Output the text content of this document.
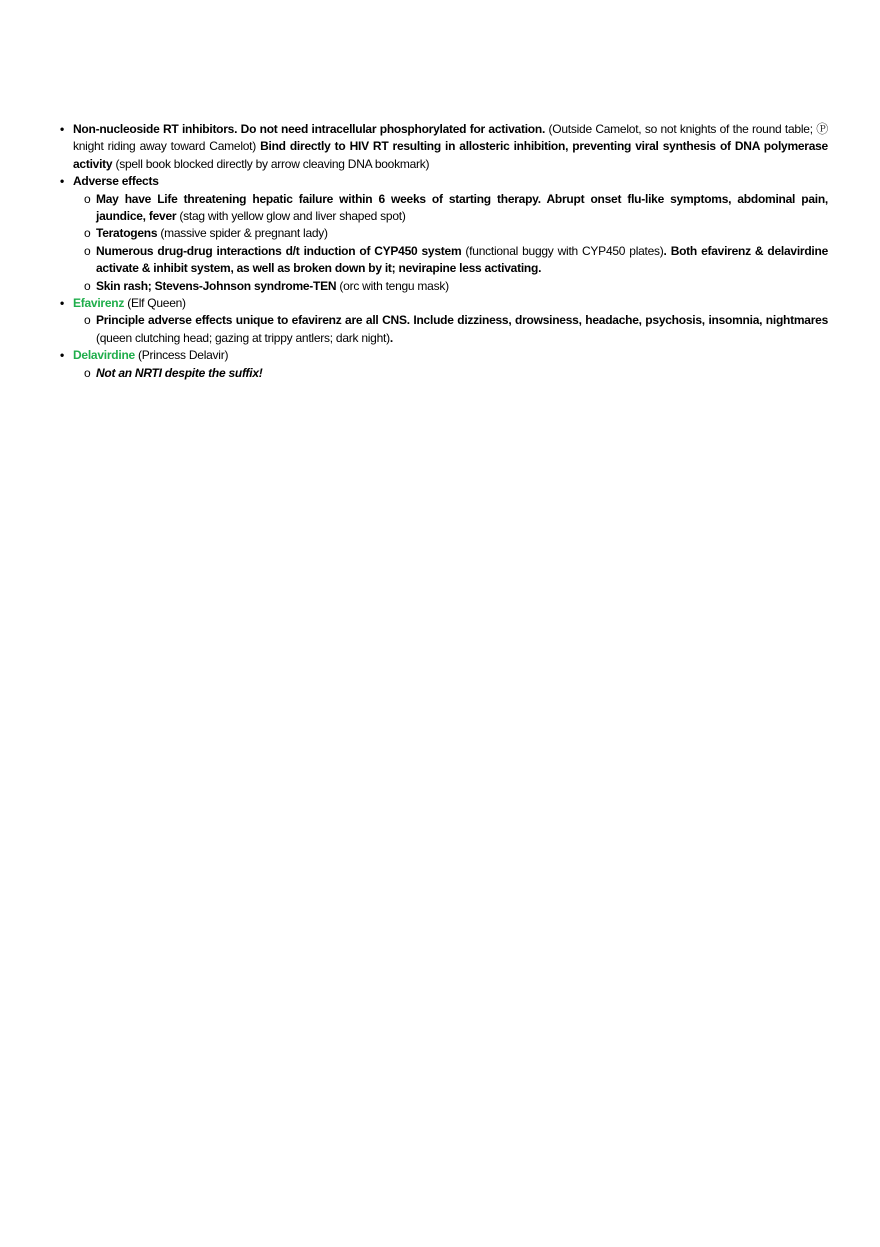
• Non-nucleoside RT inhibitors. Do not need intracellular phosphorylated for activation. (Outside Camelot, so not knights of the round table; Ⓟ knight riding away toward Camelot) Bind directly to HIV RT resulting in allosteric inhibition, preventing viral synthesis of DNA polymerase activity (spell book blocked directly by arrow cleaving DNA bookmark)
• Adverse effects
o May have Life threatening hepatic failure within 6 weeks of starting therapy. Abrupt onset flu-like symptoms, abdominal pain, jaundice, fever (stag with yellow glow and liver shaped spot)
o Teratogens (massive spider & pregnant lady)
o Numerous drug-drug interactions d/t induction of CYP450 system (functional buggy with CYP450 plates). Both efavirenz & delavirdine activate & inhibit system, as well as broken down by it; nevirapine less activating.
o Skin rash; Stevens-Johnson syndrome-TEN (orc with tengu mask)
• Efavirenz (Elf Queen)
o Principle adverse effects unique to efavirenz are all CNS. Include dizziness, drowsiness, headache, psychosis, insomnia, nightmares (queen clutching head; gazing at trippy antlers; dark night).
• Delavirdine (Princess Delavir)
o Not an NRTI despite the suffix!
